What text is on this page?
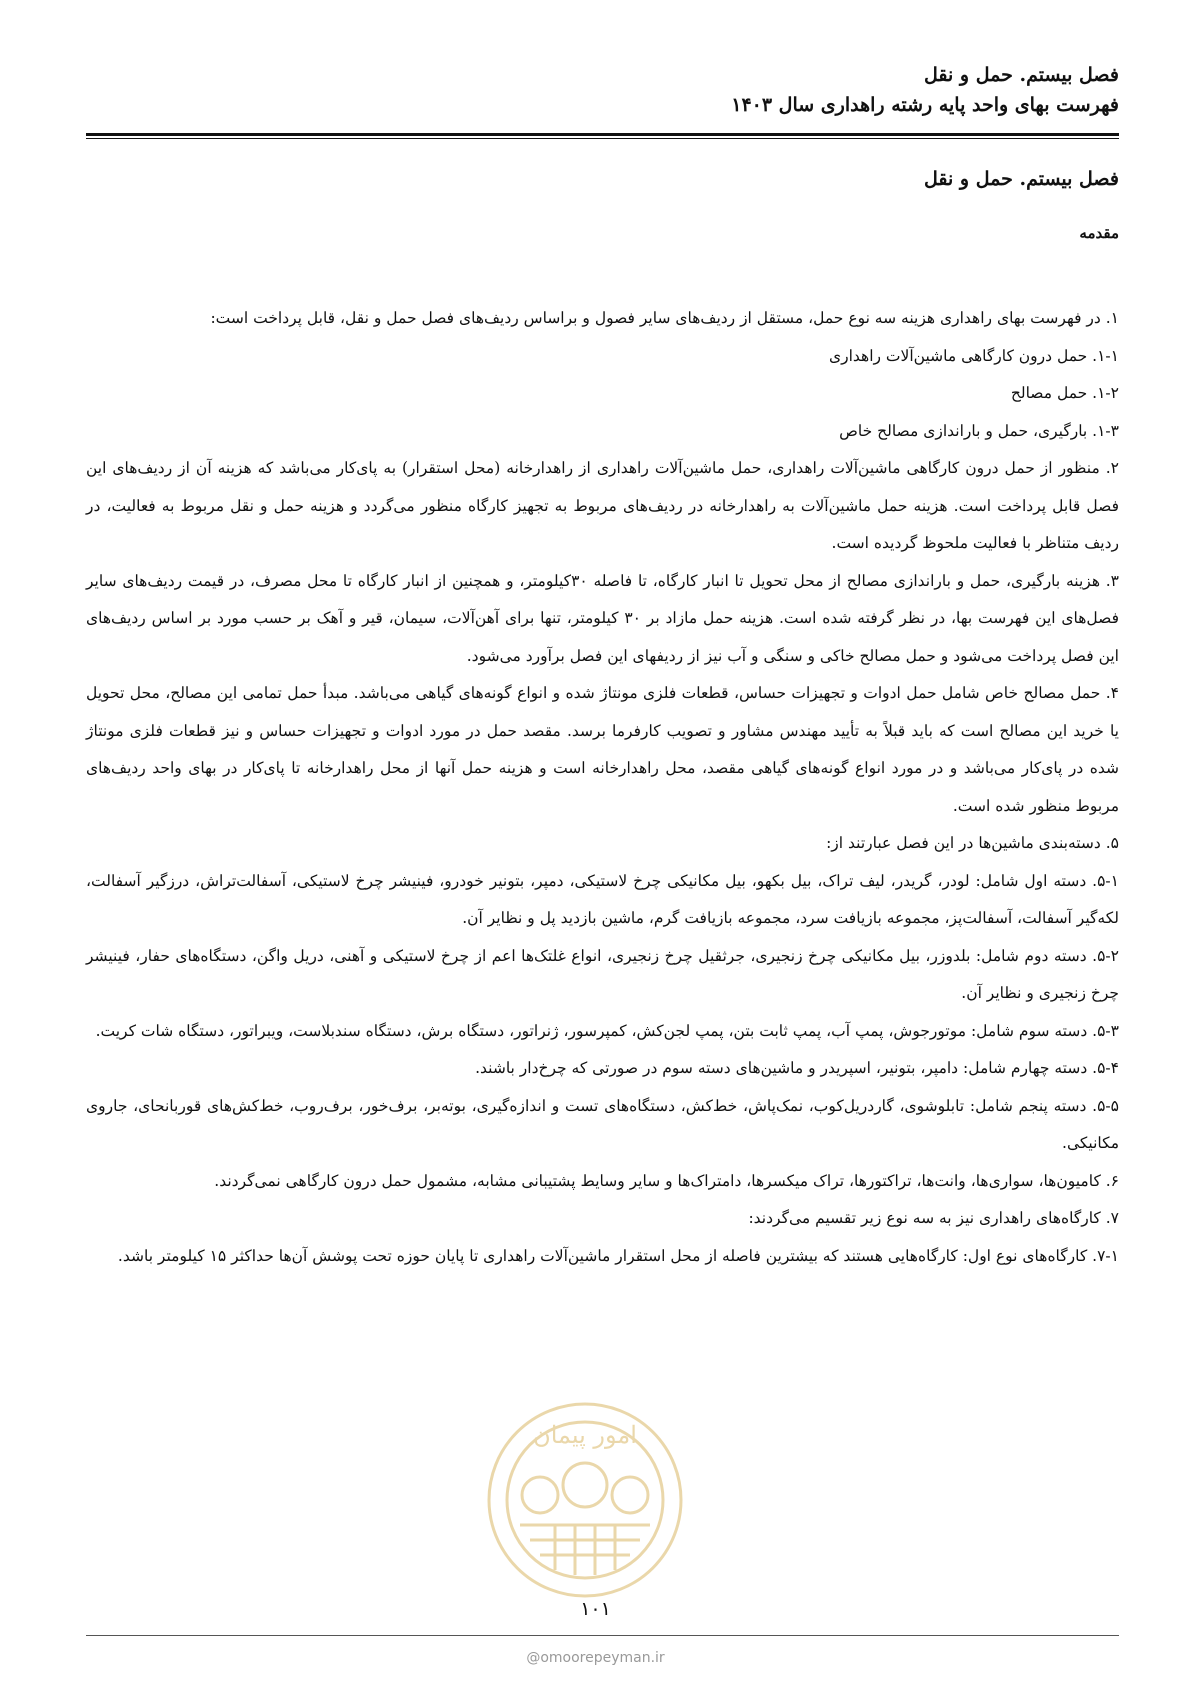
فصل بیستم. حمل و نقل
فهرست بهای واحد پایه رشته راهداری سال ۱۴۰۳
فصل بیستم. حمل و نقل
مقدمه

۱. در فهرست بهای راهداری هزینه سه نوع حمل، مستقل از ردیف‌های سایر فصول و براساس ردیف‌های فصل حمل و نقل، قابل پرداخت است:

۱-۱. حمل درون کارگاهی ماشین‌آلات راهداری

۱-۲. حمل مصالح

۱-۳. بارگیری، حمل و باراندازی مصالح خاص

۲. منظور از حمل درون کارگاهی ماشین‌آلات راهداری، حمل ماشین‌آلات راهداری از راهدارخانه (محل استقرار) به پای‌کار می‌باشد که هزینه آن از ردیف‌های این فصل قابل پرداخت است. هزینه حمل ماشین‌آلات به راهدارخانه در ردیف‌های مربوط به تجهیز کارگاه منظور می‌گردد و هزینه حمل و نقل مربوط به فعالیت، در ردیف متناظر با فعالیت ملحوظ گردیده است.

۳. هزینه بارگیری، حمل و باراندازی مصالح از محل تحویل تا انبار کارگاه، تا فاصله ۳۰کیلومتر، و همچنین از انبار کارگاه تا محل مصرف، در قیمت ردیف‌های سایر فصل‌های این فهرست بها، در نظر گرفته شده است. هزینه حمل مازاد بر ۳۰ کیلومتر، تنها برای آهن‌آلات، سیمان، قیر و آهک بر حسب مورد بر اساس ردیف‌های این فصل پرداخت می‌شود و حمل مصالح خاکی و سنگی و آب نیز از ردیفهای این فصل برآورد می‌شود.

۴. حمل مصالح خاص شامل حمل ادوات و تجهیزات حساس، قطعات فلزی مونتاژ شده و انواع گونه‌های گیاهی می‌باشد. مبدأ حمل تمامی این مصالح، محل تحویل یا خرید این مصالح است که باید قبلاً به تأیید مهندس مشاور و تصویب کارفرما برسد. مقصد حمل در مورد ادوات و تجهیزات حساس و نیز قطعات فلزی مونتاژ شده در پای‌کار می‌باشد و در مورد انواع گونه‌های گیاهی مقصد، محل راهدارخانه است و هزینه حمل آنها از محل راهدارخانه تا پای‌کار در بهای واحد ردیف‌های مربوط منظور شده است.

۵. دسته‌بندی ماشین‌ها در این فصل عبارتند از:

۵-۱. دسته اول شامل: لودر، گریدر، لیف تراک، بیل بکهو، بیل مکانیکی چرخ لاستیکی، دمپر، بتونیر خودرو، فینیشر چرخ لاستیکی، آسفالت‌تراش، درزگیر آسفالت، لکه‌گیر آسفالت، آسفالت‌پز، مجموعه بازیافت سرد، مجموعه بازیافت گرم، ماشین بازدید پل و نظایر آن.

۵-۲. دسته دوم شامل: بلدوزر، بیل مکانیکی چرخ زنجیری، جرثقیل چرخ زنجیری، انواع غلتک‌ها اعم از چرخ لاستیکی و آهنی، دریل واگن، دستگاه‌های حفار، فینیشر چرخ زنجیری و نظایر آن.

۵-۳. دسته سوم شامل: موتورجوش، پمپ آب، پمپ ثابت بتن، پمپ لجن‌کش، کمپرسور، ژنراتور، دستگاه برش، دستگاه سندبلاست، ویبراتور، دستگاه شات کریت.

۵-۴. دسته چهارم شامل: دامپر، بتونیر، اسپریدر و ماشین‌های دسته سوم در صورتی که چرخ‌دار باشند.

۵-۵. دسته پنجم شامل: تابلوشوی، گاردریل‌کوب، نمک‌پاش، خط‌کش، دستگاه‌های تست و اندازه‌گیری، بوته‌بر، برف‌خور، برف‌روب، خط‌کش‌های قوربانحای، جاروی مکانیکی.

۶. کامیون‌ها، سواری‌ها، وانت‌ها، تراکتورها، تراک میکسرها، دامتراک‌ها و سایر وسایط پشتیبانی مشابه، مشمول حمل درون کارگاهی نمی‌گردند.

۷. کارگاه‌های راهداری نیز به سه نوع زیر تقسیم می‌گردند:

۷-۱. کارگاه‌های نوع اول: کارگاه‌هایی هستند که بیشترین فاصله از محل استقرار ماشین‌آلات راهداری تا پایان حوزه تحت پوشش آن‌ها حداکثر ۱۵ کیلومتر باشد.

امور پیمان
۱۰۱
@omoorepeyman.ir
